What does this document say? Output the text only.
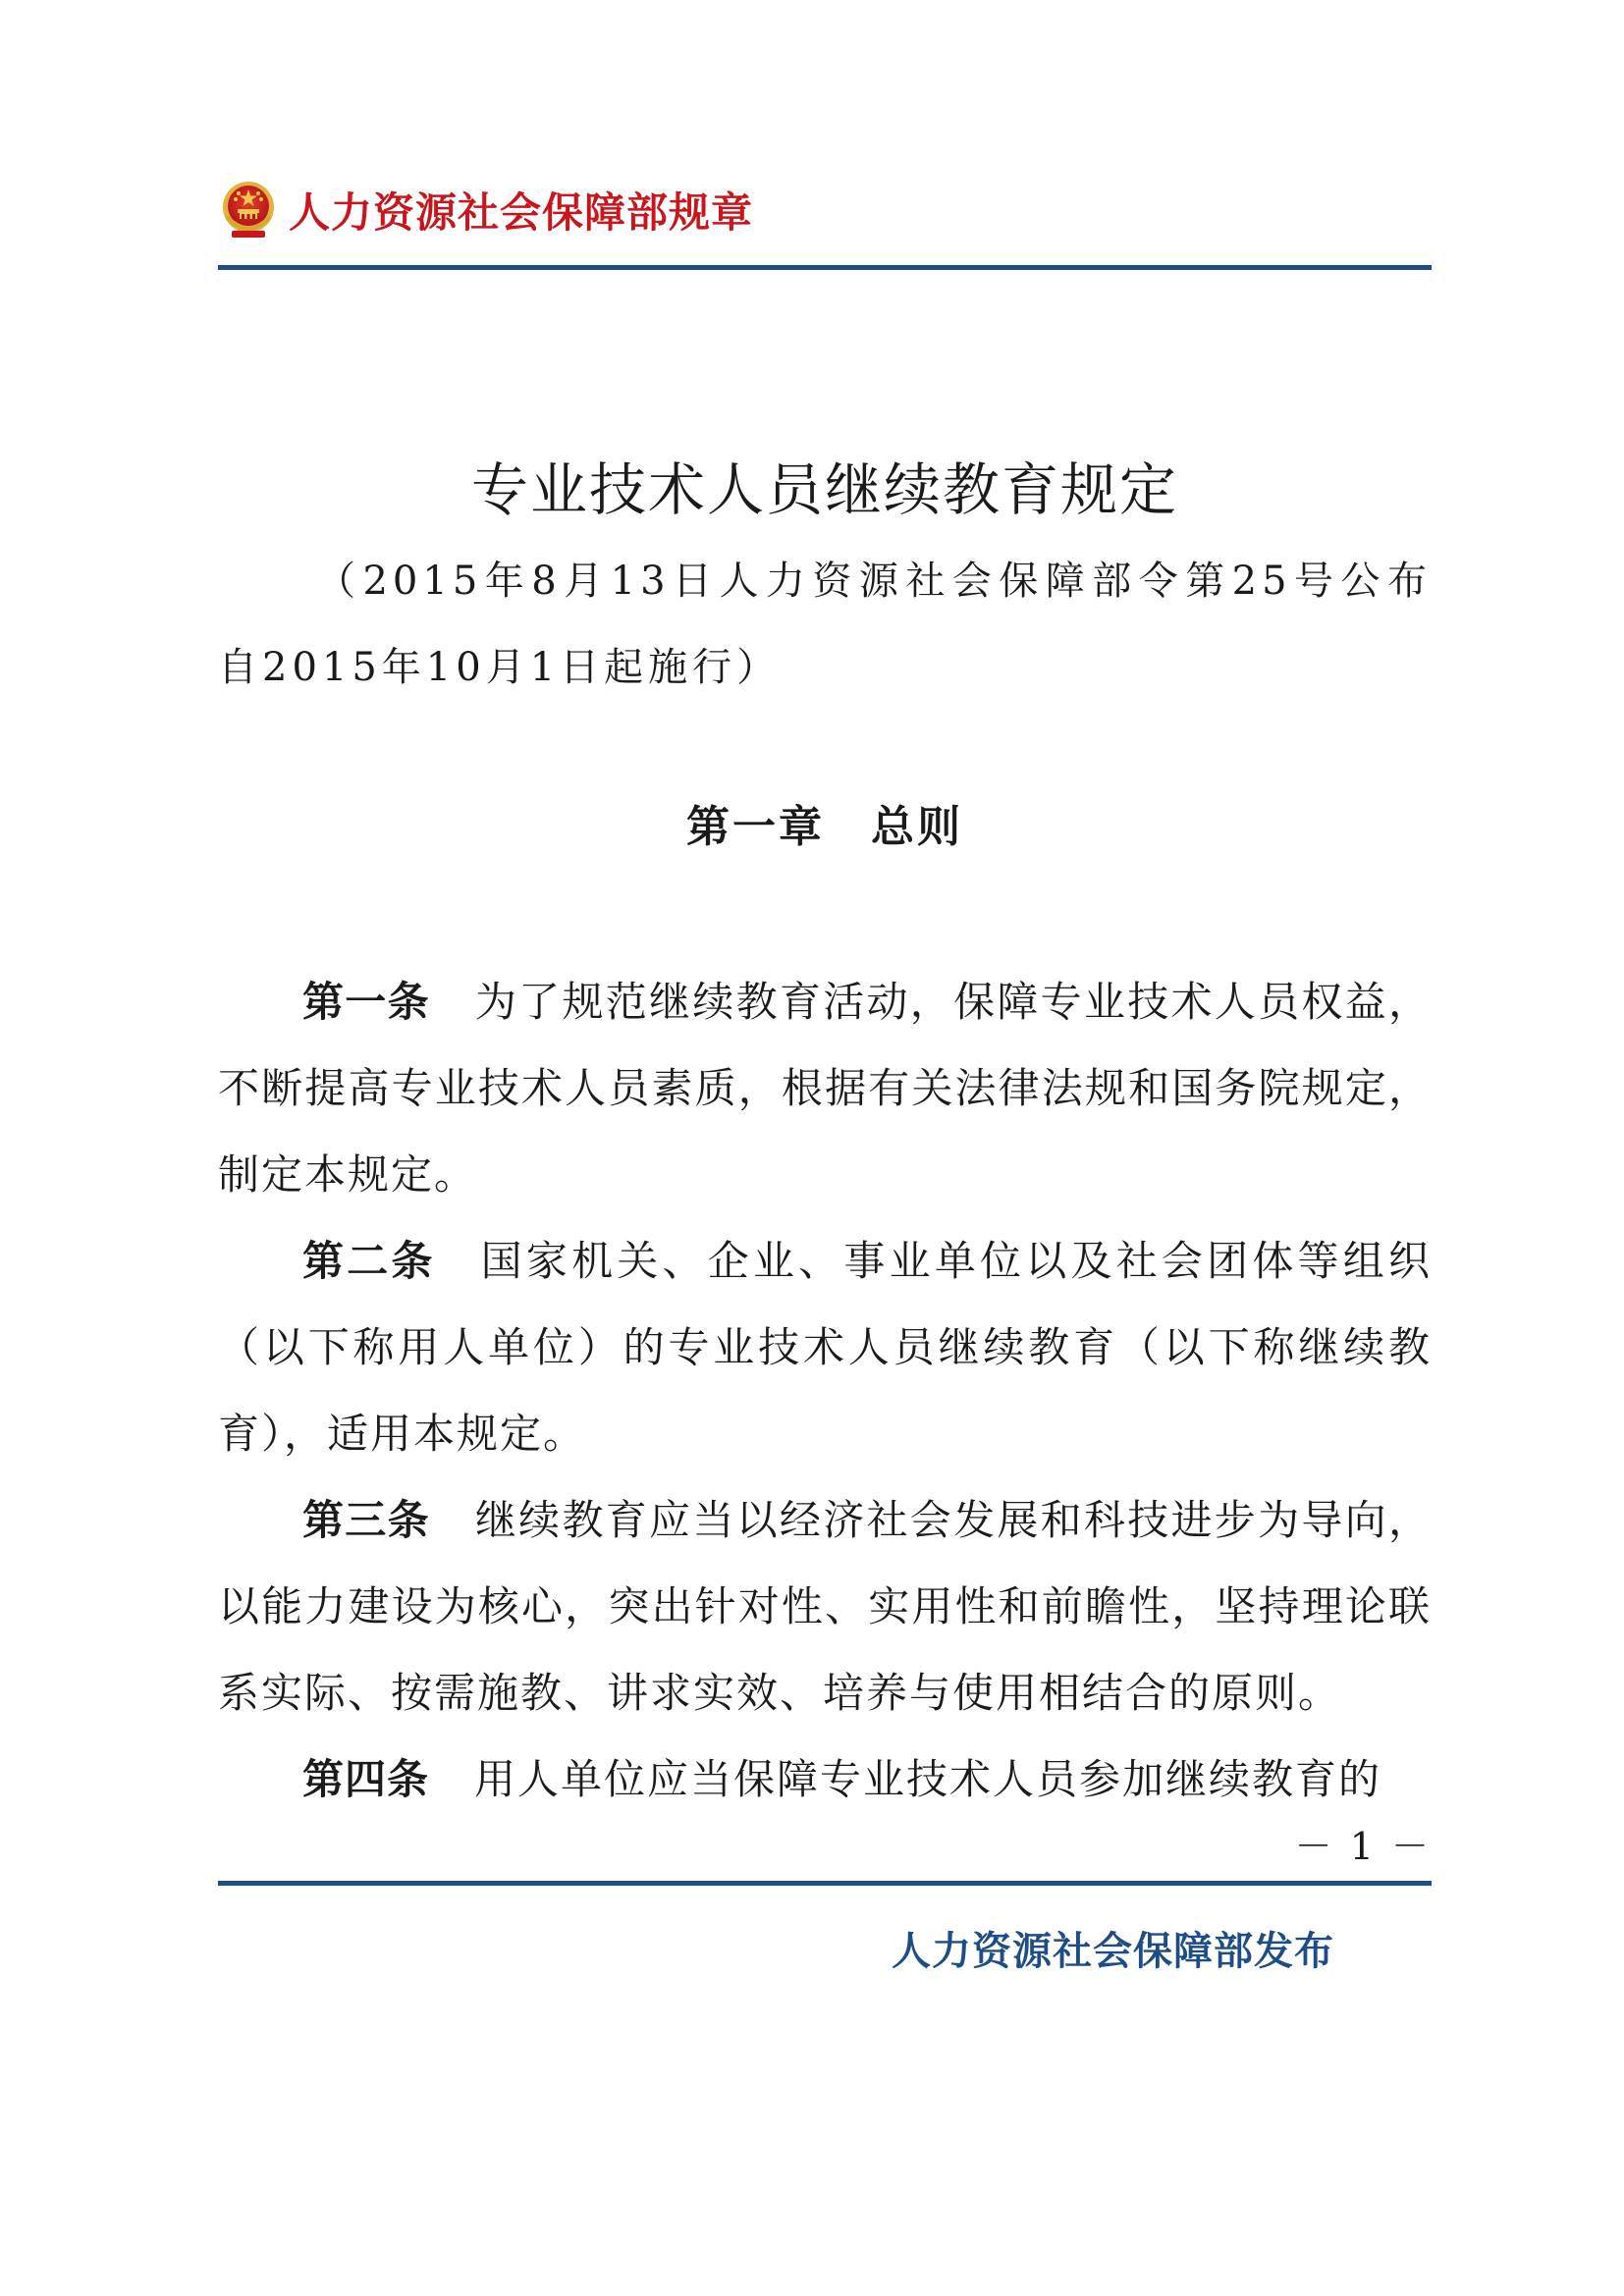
人力资源社会保障部规章
专业技术人员继续教育规定
（2015年8月13日人力资源社会保障部令第25号公布　自2015年10月1日起施行）
第一章　总则

第一条 为了规范继续教育活动，保障专业技术人员权益，不断提高专业技术人员素质，根据有关法律法规和国务院规定，制定本规定。

第二条 国家机关、企业、事业单位以及社会团体等组织（以下称用人单位）的专业技术人员继续教育（以下称继续教育），适用本规定。

第三条 继续教育应当以经济社会发展和科技进步为导向，以能力建设为核心，突出针对性、实用性和前瞻性，坚持理论联系实际、按需施教、讲求实效、培养与使用相结合的原则。

第四条 用人单位应当保障专业技术人员参加继续教育的

－ 1 －
人力资源社会保障部发布
